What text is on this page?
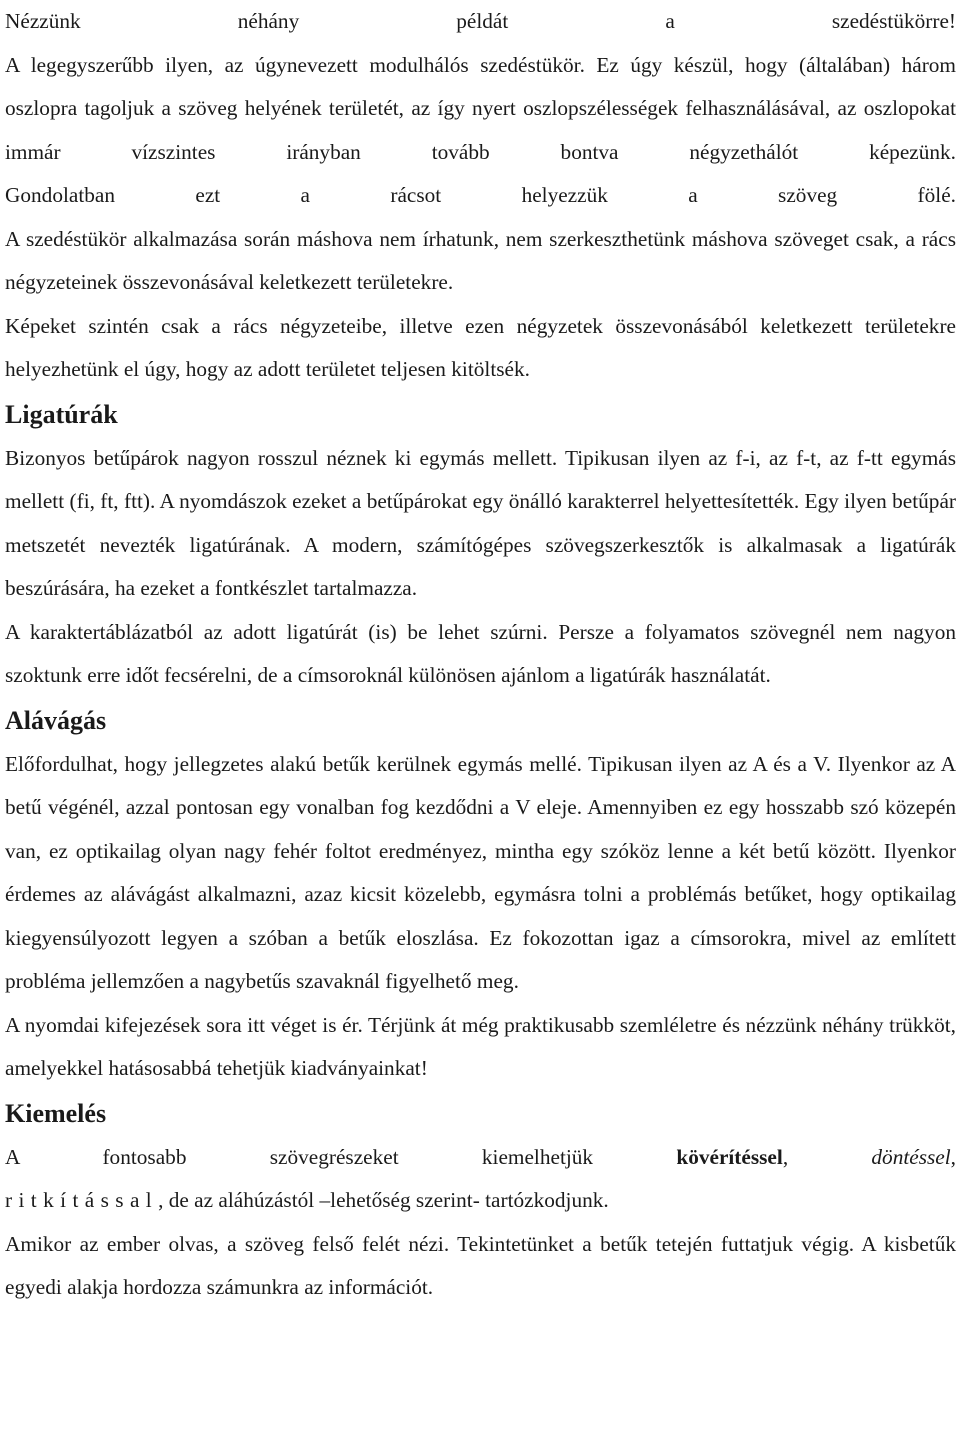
Nézzünk néhány példát a szedéstükörre!

A legegyszerűbb ilyen, az úgynevezett modulhálós szedéstükör. Ez úgy készül, hogy (általában) három oszlopra tagoljuk a szöveg helyének területét, az így nyert oszlopszélességek felhasználásával, az oszlopokat immár vízszintes irányban tovább bontva négyzethálót képezünk.

Gondolatban ezt a rácsot helyezzük a szöveg fölé.

A szedéstükör alkalmazása során máshova nem írhatunk, nem szerkeszthetünk máshova szöveget csak, a rács négyzeteinek összevonásával keletkezett területekre.

Képeket szintén csak a rács négyzeteibe, illetve ezen négyzetek összevonásából keletkezett területekre helyezhetünk el úgy, hogy az adott területet teljesen kitöltsék.

Ligatúrák

Bizonyos betűpárok nagyon rosszul néznek ki egymás mellett. Tipikusan ilyen az f-i, az f-t, az f-tt egymás mellett (fi, ft, ftt). A nyomdászok ezeket a betűpárokat egy önálló karakterrel helyettesítették. Egy ilyen betűpár metszetét nevezték ligatúrának. A modern, számítógépes szövegszerkesztők is alkalmasak a ligatúrák beszúrására, ha ezeket a fontkészlet tartalmazza.

A karaktertáblázatból az adott ligatúrát (is) be lehet szúrni. Persze a folyamatos szövegnél nem nagyon szoktunk erre időt fecsérelni, de a címsoroknál különösen ajánlom a ligatúrák használatát.

Alávágás

Előfordulhat, hogy jellegzetes alakú betűk kerülnek egymás mellé. Tipikusan ilyen az A és a V. Ilyenkor az A betű végénél, azzal pontosan egy vonalban fog kezdődni a V eleje. Amennyiben ez egy hosszabb szó közepén van, ez optikailag olyan nagy fehér foltot eredményez, mintha egy szóköz lenne a két betű között. Ilyenkor érdemes az alávágást alkalmazni, azaz kicsit közelebb, egymásra tolni a problémás betűket, hogy optikailag kiegyensúlyozott legyen a szóban a betűk eloszlása. Ez fokozottan igaz a címsorokra, mivel az említett probléma jellemzően a nagybetűs szavaknál figyelhető meg.

A nyomdai kifejezések sora itt véget is ér. Térjünk át még praktikusabb szemléletre és nézzünk néhány trükköt, amelyekkel hatásosabbá tehetjük kiadványainkat!

Kiemelés

A fontosabb szövegrészeket kiemelhetjük kövérítéssel, döntéssel,

ritkítással, de az aláhúzástól –lehetőség szerint- tartózkodjunk.

Amikor az ember olvas, a szöveg felső felét nézi. Tekintetünket a betűk tetején futtatjuk végig. A kisbetűk egyedi alakja hordozza számunkra az információt.
